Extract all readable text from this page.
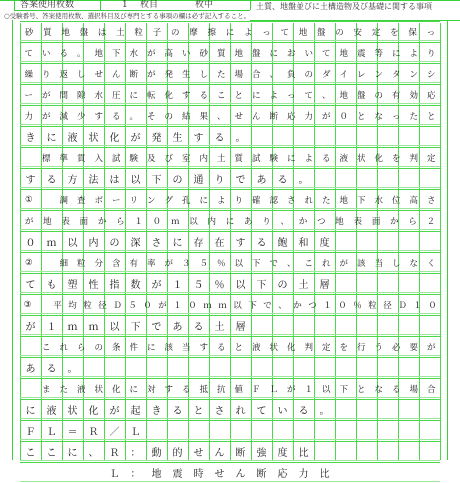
答案使用枚数	1 枚目	枚中	土質、地盤並びに土構造物及び基礎に関する事項
○受験番号、答案使用枚数、選択科目及び専門とする事項の欄は必ず記入すること。
砂	質	地	盤	は	土	粒	子	の	摩	擦	に	よ	っ	て	地	盤	の	安	定	を	保	っ
て	い	る	。	地	下	水	が	高	い	砂	質	地	盤	に	お	い	て	地	震	等	に	よ	り
繰	り	返	し	せ	ん	断	が	発	生	し	た	場	合	、	負	の	ダ	イ	レ	ン	タ	ン	シ
ー	が	間	隙	水	圧	に	転	化	す	る	こ	と	に	よ	っ	て	、	地	盤	の	有	効	応
力	が	減	少	す	る	。	そ	の	結	果	、	せ	ん	断	応	力	が	０	と	な	っ	た	と
き	に	液	状	化	が	発	生	す	る	。

標	準	貫	入	試	験	及	び	室	内	土	質	試	験	に	よ	る	液	状	化	を	判	定
す	る	方	法	は	以	下	の	通	り	で	あ	る	。
①
　	調	査	ボ	ー	リ	ン	グ	孔	に	よ	り	確	認	さ	れ	た	地	下	水	位	高	さ
が	地	表	面	か	ら	１	０	ｍ	以	内	に	あ	り	、	か	つ	地	表	面	か	ら	２
０	ｍ	以	内	の	深	さ	に	存	在	す	る	飽	和	度
②
　	細	粒	分	含	有	率	が	３	５	％	以	下	で	、	こ	れ	が	該	当	し	な	く
て	も	塑	性	指	数	が	１	５	％	以	下	の	土	層
③
　	平 均 粒 径 Ｄ ５ ０ が １ ０ ｍ ｍ 以 下 で 、 か つ １ ０ ％ 粒 径 Ｄ １ ０
が	１	ｍ	ｍ	以	下	で	あ	る	土	層

こ	れ	ら	の	条	件	に	該	当	す	る	と	液	状	化	判	定	を	行	う	必	要	が
あ	る	。

ま	た	液	状	化	に	対	す	る	抵	抗	値	Ｆ	Ｌ	が	１	以	下	と	な	る	場	合
に	液	状	化	が	起	き	る	と	さ	れ	て	い	る	。
Ｆ	Ｌ	＝	Ｒ	／	Ｌ
こ	こ	に	、	Ｒ	：	動	的	せ	ん	断	強	度	比

Ｌ	：	地	震	時	せ	ん	断	応	力	比
